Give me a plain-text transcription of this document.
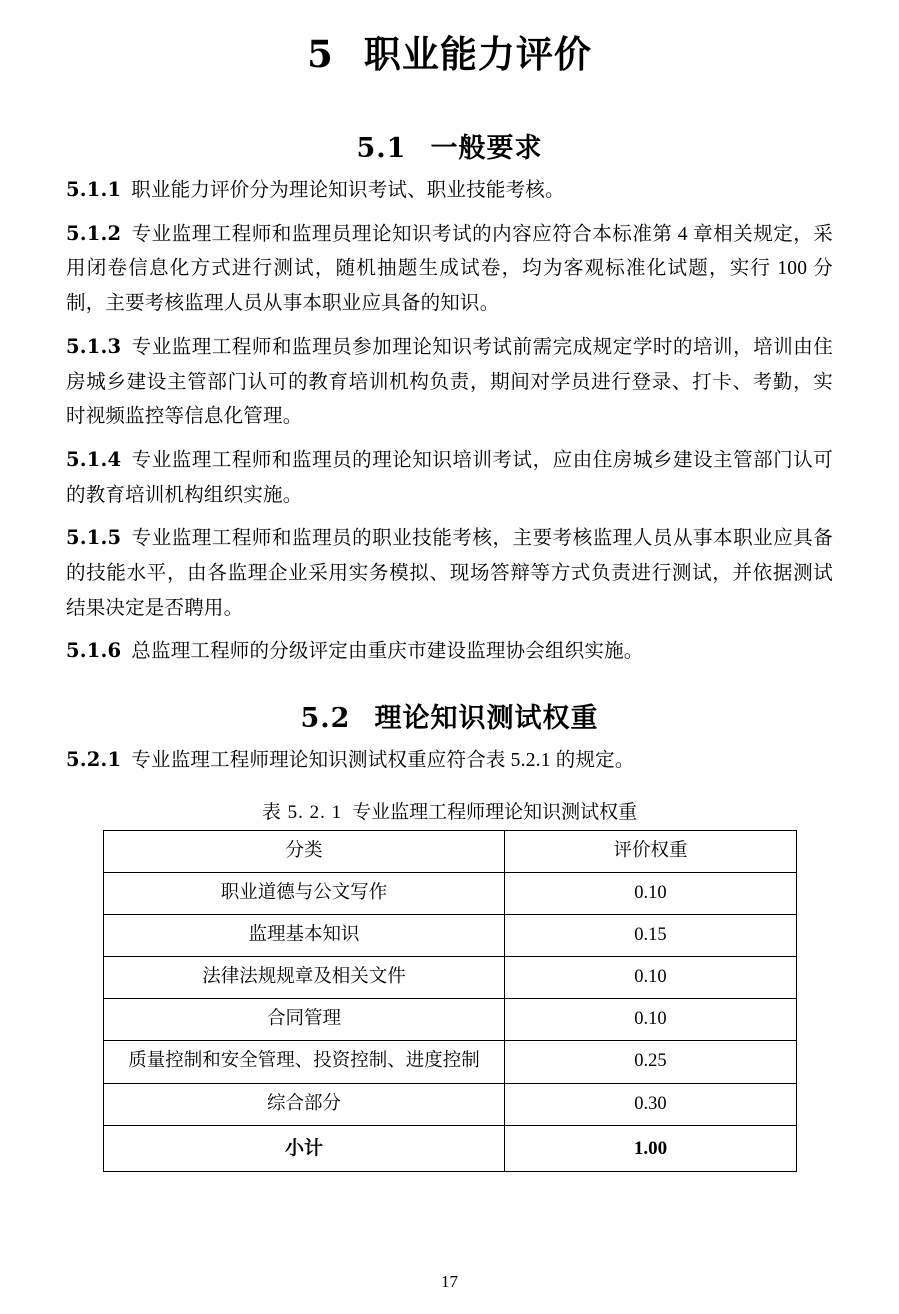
5 职业能力评价
5.1 一般要求

5.1.1 职业能力评价分为理论知识考试、职业技能考核。

5.1.2 专业监理工程师和监理员理论知识考试的内容应符合本标准第 4 章相关规定，采用闭卷信息化方式进行测试，随机抽题生成试卷，均为客观标准化试题，实行 100 分制，主要考核监理人员从事本职业应具备的知识。

5.1.3 专业监理工程师和监理员参加理论知识考试前需完成规定学时的培训，培训由住房城乡建设主管部门认可的教育培训机构负责，期间对学员进行登录、打卡、考勤，实时视频监控等信息化管理。

5.1.4 专业监理工程师和监理员的理论知识培训考试，应由住房城乡建设主管部门认可的教育培训机构组织实施。

5.1.5 专业监理工程师和监理员的职业技能考核，主要考核监理人员从事本职业应具备的技能水平，由各监理企业采用实务模拟、现场答辩等方式负责进行测试，并依据测试结果决定是否聘用。

5.1.6 总监理工程师的分级评定由重庆市建设监理协会组织实施。

5.2 理论知识测试权重

5.2.1 专业监理工程师理论知识测试权重应符合表 5.2.1 的规定。

表 5. 2. 1 专业监理工程师理论知识测试权重
分类	评价权重
职业道德与公文写作	0.10
监理基本知识	0.15
法律法规规章及相关文件	0.10
合同管理	0.10
质量控制和安全管理、投资控制、进度控制	0.25
综合部分	0.30
小计	1.00
17
